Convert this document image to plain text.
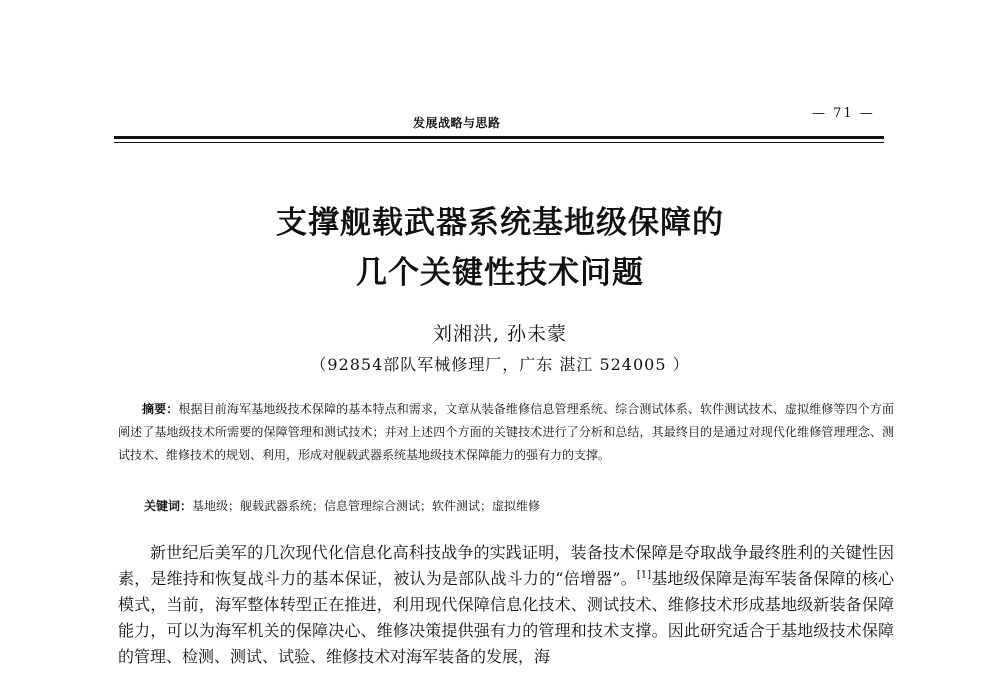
发展战略与思路
— 71 —
支撑舰载武器系统基地级保障的
几个关键性技术问题
刘湘洪, 孙未蒙
（92854部队军械修理厂，广东 湛江 524005 ）
摘要：根据目前海军基地级技术保障的基本特点和需求，文章从装备维修信息管理系统、综合测试体系、软件测试技术、虚拟维修等四个方面阐述了基地级技术所需要的保障管理和测试技术；并对上述四个方面的关键技术进行了分析和总结，其最终目的是通过对现代化维修管理理念、测试技术、维修技术的规划、利用，形成对舰载武器系统基地级技术保障能力的强有力的支撑。
关键词：基地级；舰载武器系统；信息管理综合测试；软件测试；虚拟维修
新世纪后美军的几次现代化信息化高科技战争的实践证明，装备技术保障是夺取战争最终胜利的关键性因素，是维持和恢复战斗力的基本保证，被认为是部队战斗力的“倍增器”。[1]基地级保障是海军装备保障的核心模式，当前，海军整体转型正在推进，利用现代保障信息化技术、测试技术、维修技术形成基地级新装备保障能力，可以为海军机关的保障决心、维修决策提供强有力的管理和技术支撑。因此研究适合于基地级技术保障的管理、检测、测试、试验、维修技术对海军装备的发展，海
